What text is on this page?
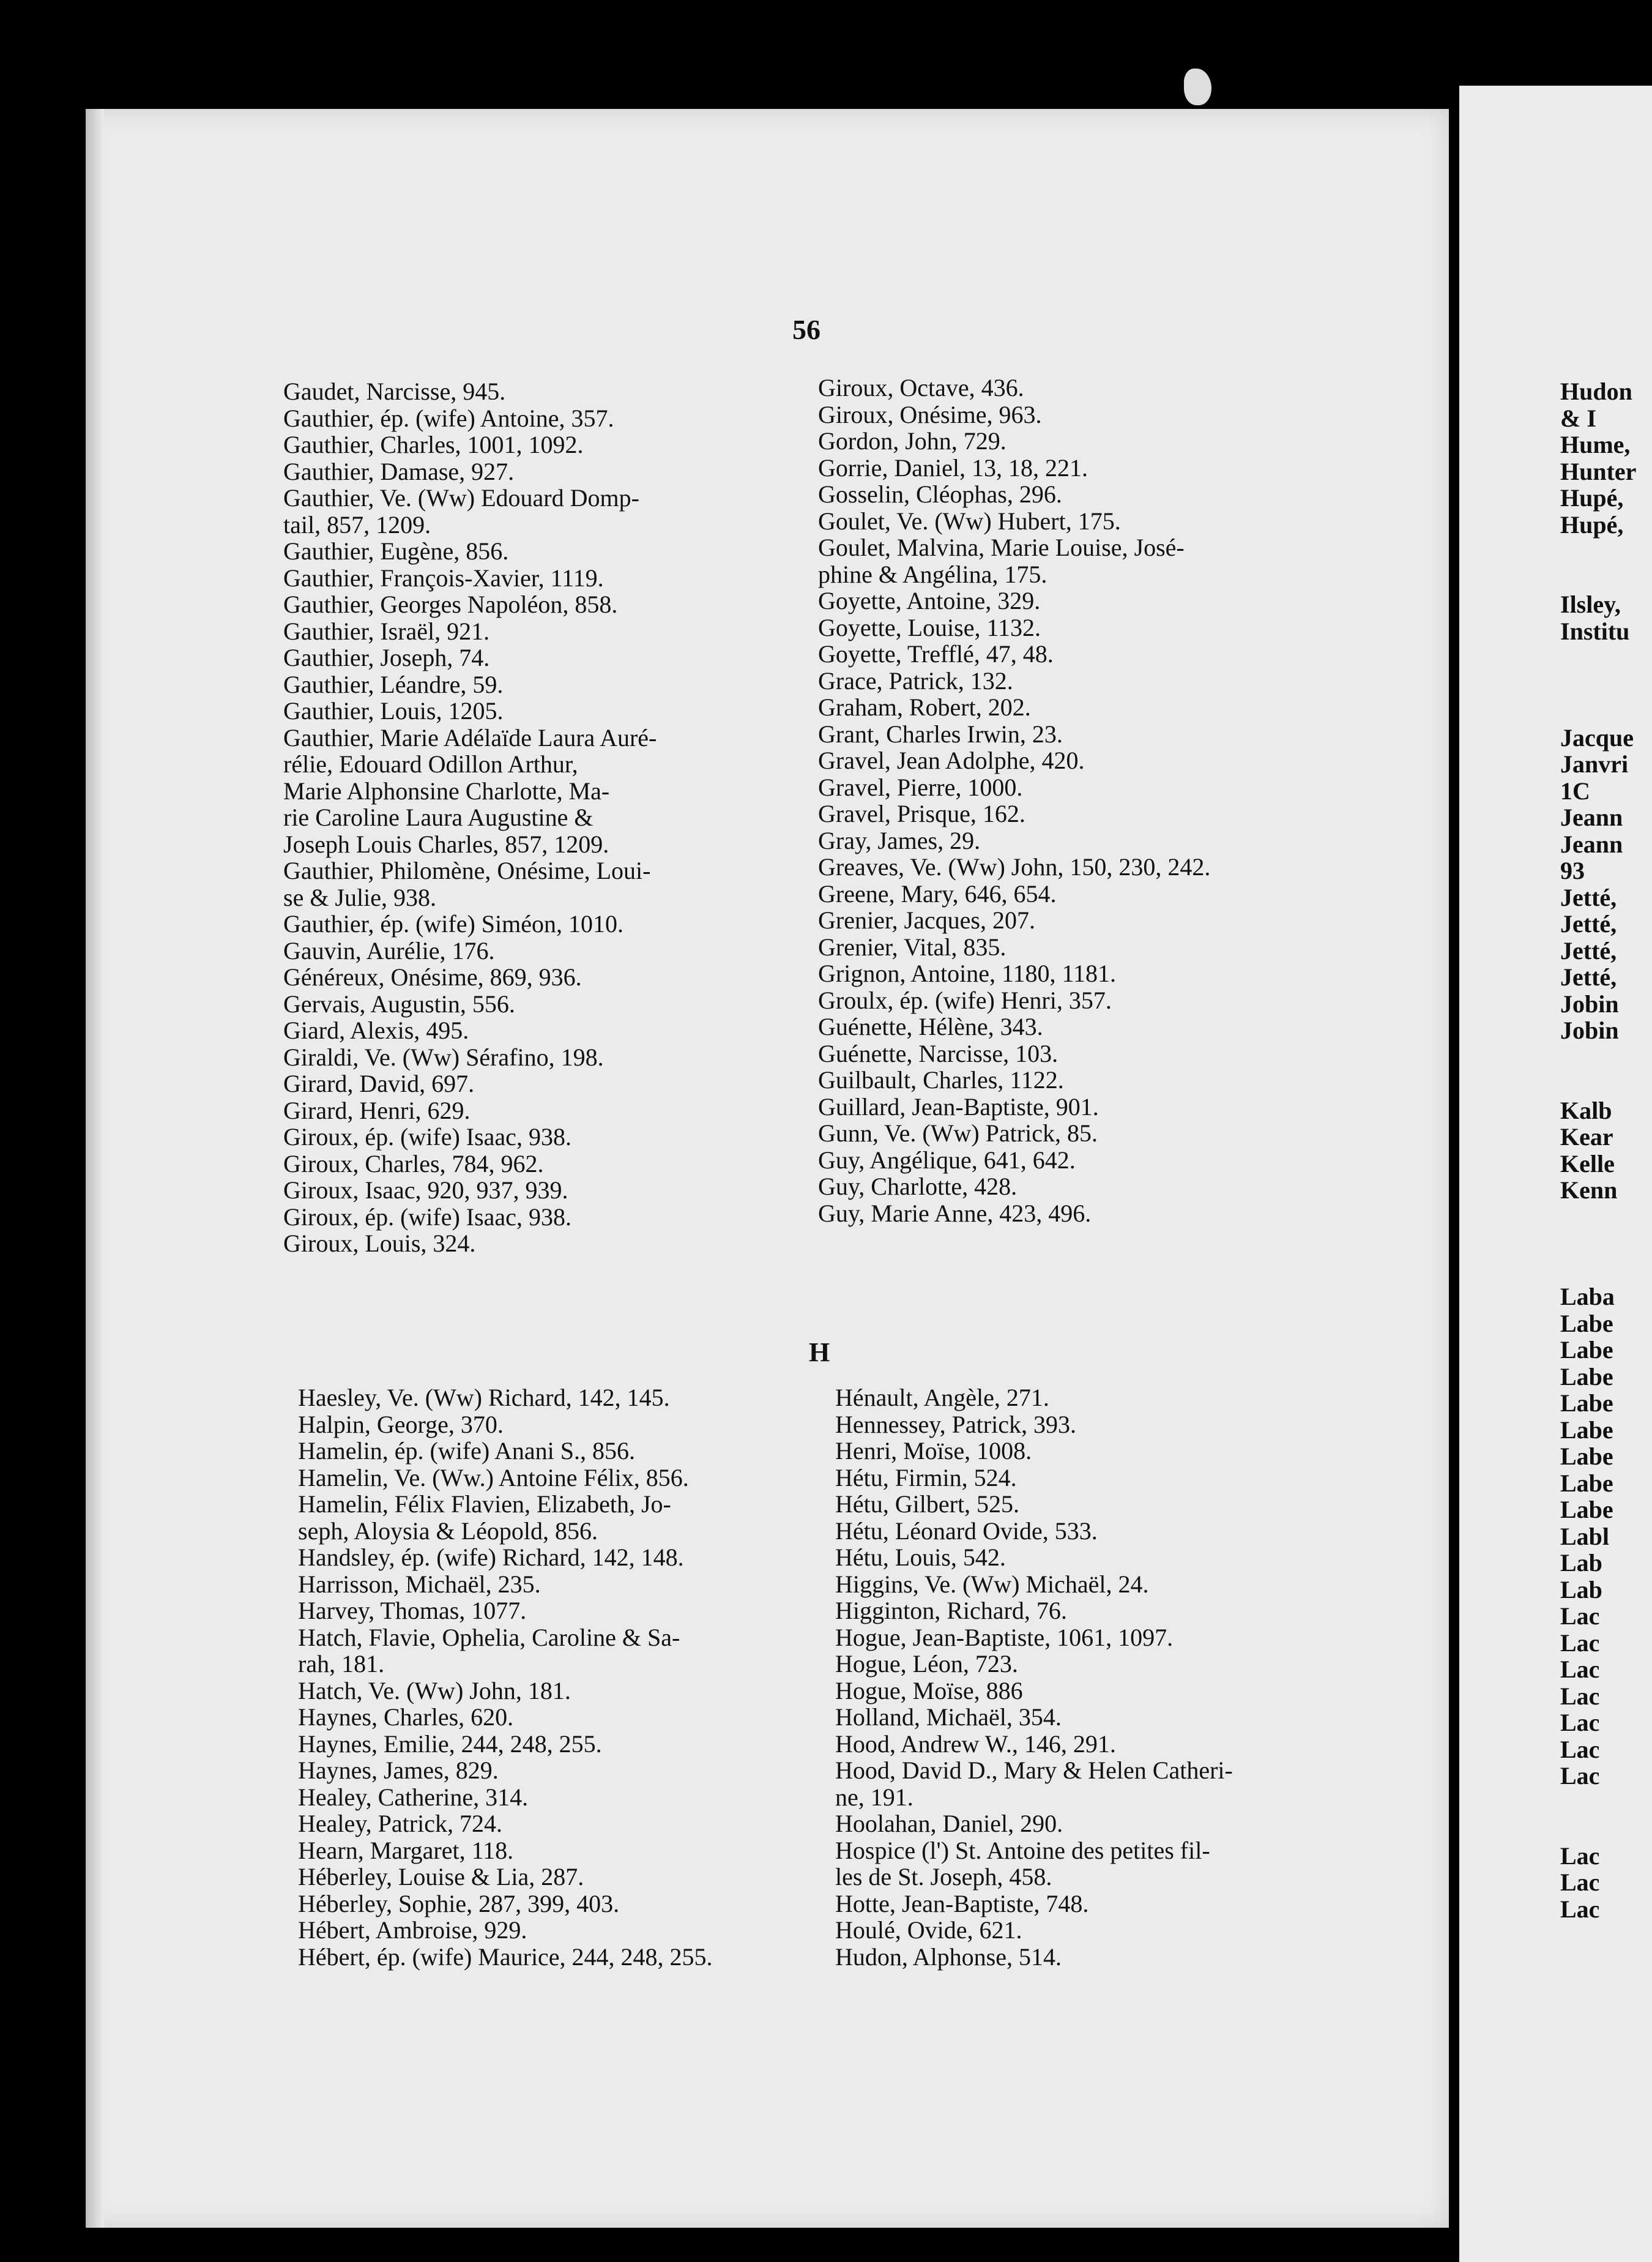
56

Gaudet, Narcisse, 945.

Gauthier, ép. (wife) Antoine, 357.

Gauthier, Charles, 1001, 1092.

Gauthier, Damase, 927.

Gauthier, Ve. (Ww) Edouard Domp-
tail, 857, 1209.

Gauthier, Eugène, 856.

Gauthier, François-Xavier, 1119.

Gauthier, Georges Napoléon, 858.

Gauthier, Israël, 921.

Gauthier, Joseph, 74.

Gauthier, Léandre, 59.

Gauthier, Louis, 1205.

Gauthier, Marie Adélaïde Laura Auré-
rélie, Edouard Odillon Arthur,
Marie Alphonsine Charlotte, Ma-
rie Caroline Laura Augustine &
Joseph Louis Charles, 857, 1209.

Gauthier, Philomène, Onésime, Loui-
se & Julie, 938.

Gauthier, ép. (wife) Siméon, 1010.

Gauvin, Aurélie, 176.

Généreux, Onésime, 869, 936.

Gervais, Augustin, 556.

Giard, Alexis, 495.

Giraldi, Ve. (Ww) Sérafino, 198.

Girard, David, 697.

Girard, Henri, 629.

Giroux, ép. (wife) Isaac, 938.

Giroux, Charles, 784, 962.

Giroux, Isaac, 920, 937, 939.

Giroux, ép. (wife) Isaac, 938.

Giroux, Louis, 324.

Giroux, Octave, 436.

Giroux, Onésime, 963.

Gordon, John, 729.

Gorrie, Daniel, 13, 18, 221.

Gosselin, Cléophas, 296.

Goulet, Ve. (Ww) Hubert, 175.

Goulet, Malvina, Marie Louise, José-
phine & Angélina, 175.

Goyette, Antoine, 329.

Goyette, Louise, 1132.

Goyette, Trefflé, 47, 48.

Grace, Patrick, 132.

Graham, Robert, 202.

Grant, Charles Irwin, 23.

Gravel, Jean Adolphe, 420.

Gravel, Pierre, 1000.

Gravel, Prisque, 162.

Gray, James, 29.

Greaves, Ve. (Ww) John, 150, 230, 242.

Greene, Mary, 646, 654.

Grenier, Jacques, 207.

Grenier, Vital, 835.

Grignon, Antoine, 1180, 1181.

Groulx, ép. (wife) Henri, 357.

Guénette, Hélène, 343.

Guénette, Narcisse, 103.

Guilbault, Charles, 1122.

Guillard, Jean-Baptiste, 901.

Gunn, Ve. (Ww) Patrick, 85.

Guy, Angélique, 641, 642.

Guy, Charlotte, 428.

Guy, Marie Anne, 423, 496.

H

Haesley, Ve. (Ww) Richard, 142, 145.

Halpin, George, 370.

Hamelin, ép. (wife) Anani S., 856.

Hamelin, Ve. (Ww.) Antoine Félix, 856.

Hamelin, Félix Flavien, Elizabeth, Jo-
seph, Aloysia & Léopold, 856.

Handsley, ép. (wife) Richard, 142, 148.

Harrisson, Michaël, 235.

Harvey, Thomas, 1077.

Hatch, Flavie, Ophelia, Caroline & Sa-
rah, 181.

Hatch, Ve. (Ww) John, 181.

Haynes, Charles, 620.

Haynes, Emilie, 244, 248, 255.

Haynes, James, 829.

Healey, Catherine, 314.

Healey, Patrick, 724.

Hearn, Margaret, 118.

Héberley, Louise & Lia, 287.

Héberley, Sophie, 287, 399, 403.

Hébert, Ambroise, 929.

Hébert, ép. (wife) Maurice, 244, 248, 255.

Hénault, Angèle, 271.

Hennessey, Patrick, 393.

Henri, Moïse, 1008.

Hétu, Firmin, 524.

Hétu, Gilbert, 525.

Hétu, Léonard Ovide, 533.

Hétu, Louis, 542.

Higgins, Ve. (Ww) Michaël, 24.

Higginton, Richard, 76.

Hogue, Jean-Baptiste, 1061, 1097.

Hogue, Léon, 723.

Hogue, Moïse, 886

Holland, Michaël, 354.

Hood, Andrew W., 146, 291.

Hood, David D., Mary & Helen Catheri-
ne, 191.

Hoolahan, Daniel, 290.

Hospice (l') St. Antoine des petites fil-
les de St. Joseph, 458.

Hotte, Jean-Baptiste, 748.

Houlé, Ovide, 621.

Hudon, Alphonse, 514.

Hudon

& I

Hume,

Hunter

Hupé,

Hupé,

Ilsley,

Institu

Jacque

Janvri

1C

Jeann

Jeann

93

Jetté,

Jetté,

Jetté,

Jetté,

Jobin

Jobin

Kalb

Kear

Kelle

Kenn

Laba

Labe

Labe

Labe

Labe

Labe

Labe

Labe

Labe

Labl

Lab

Lab

Lac

Lac

Lac

Lac

Lac

Lac

Lac

Lac

Lac

Lac
